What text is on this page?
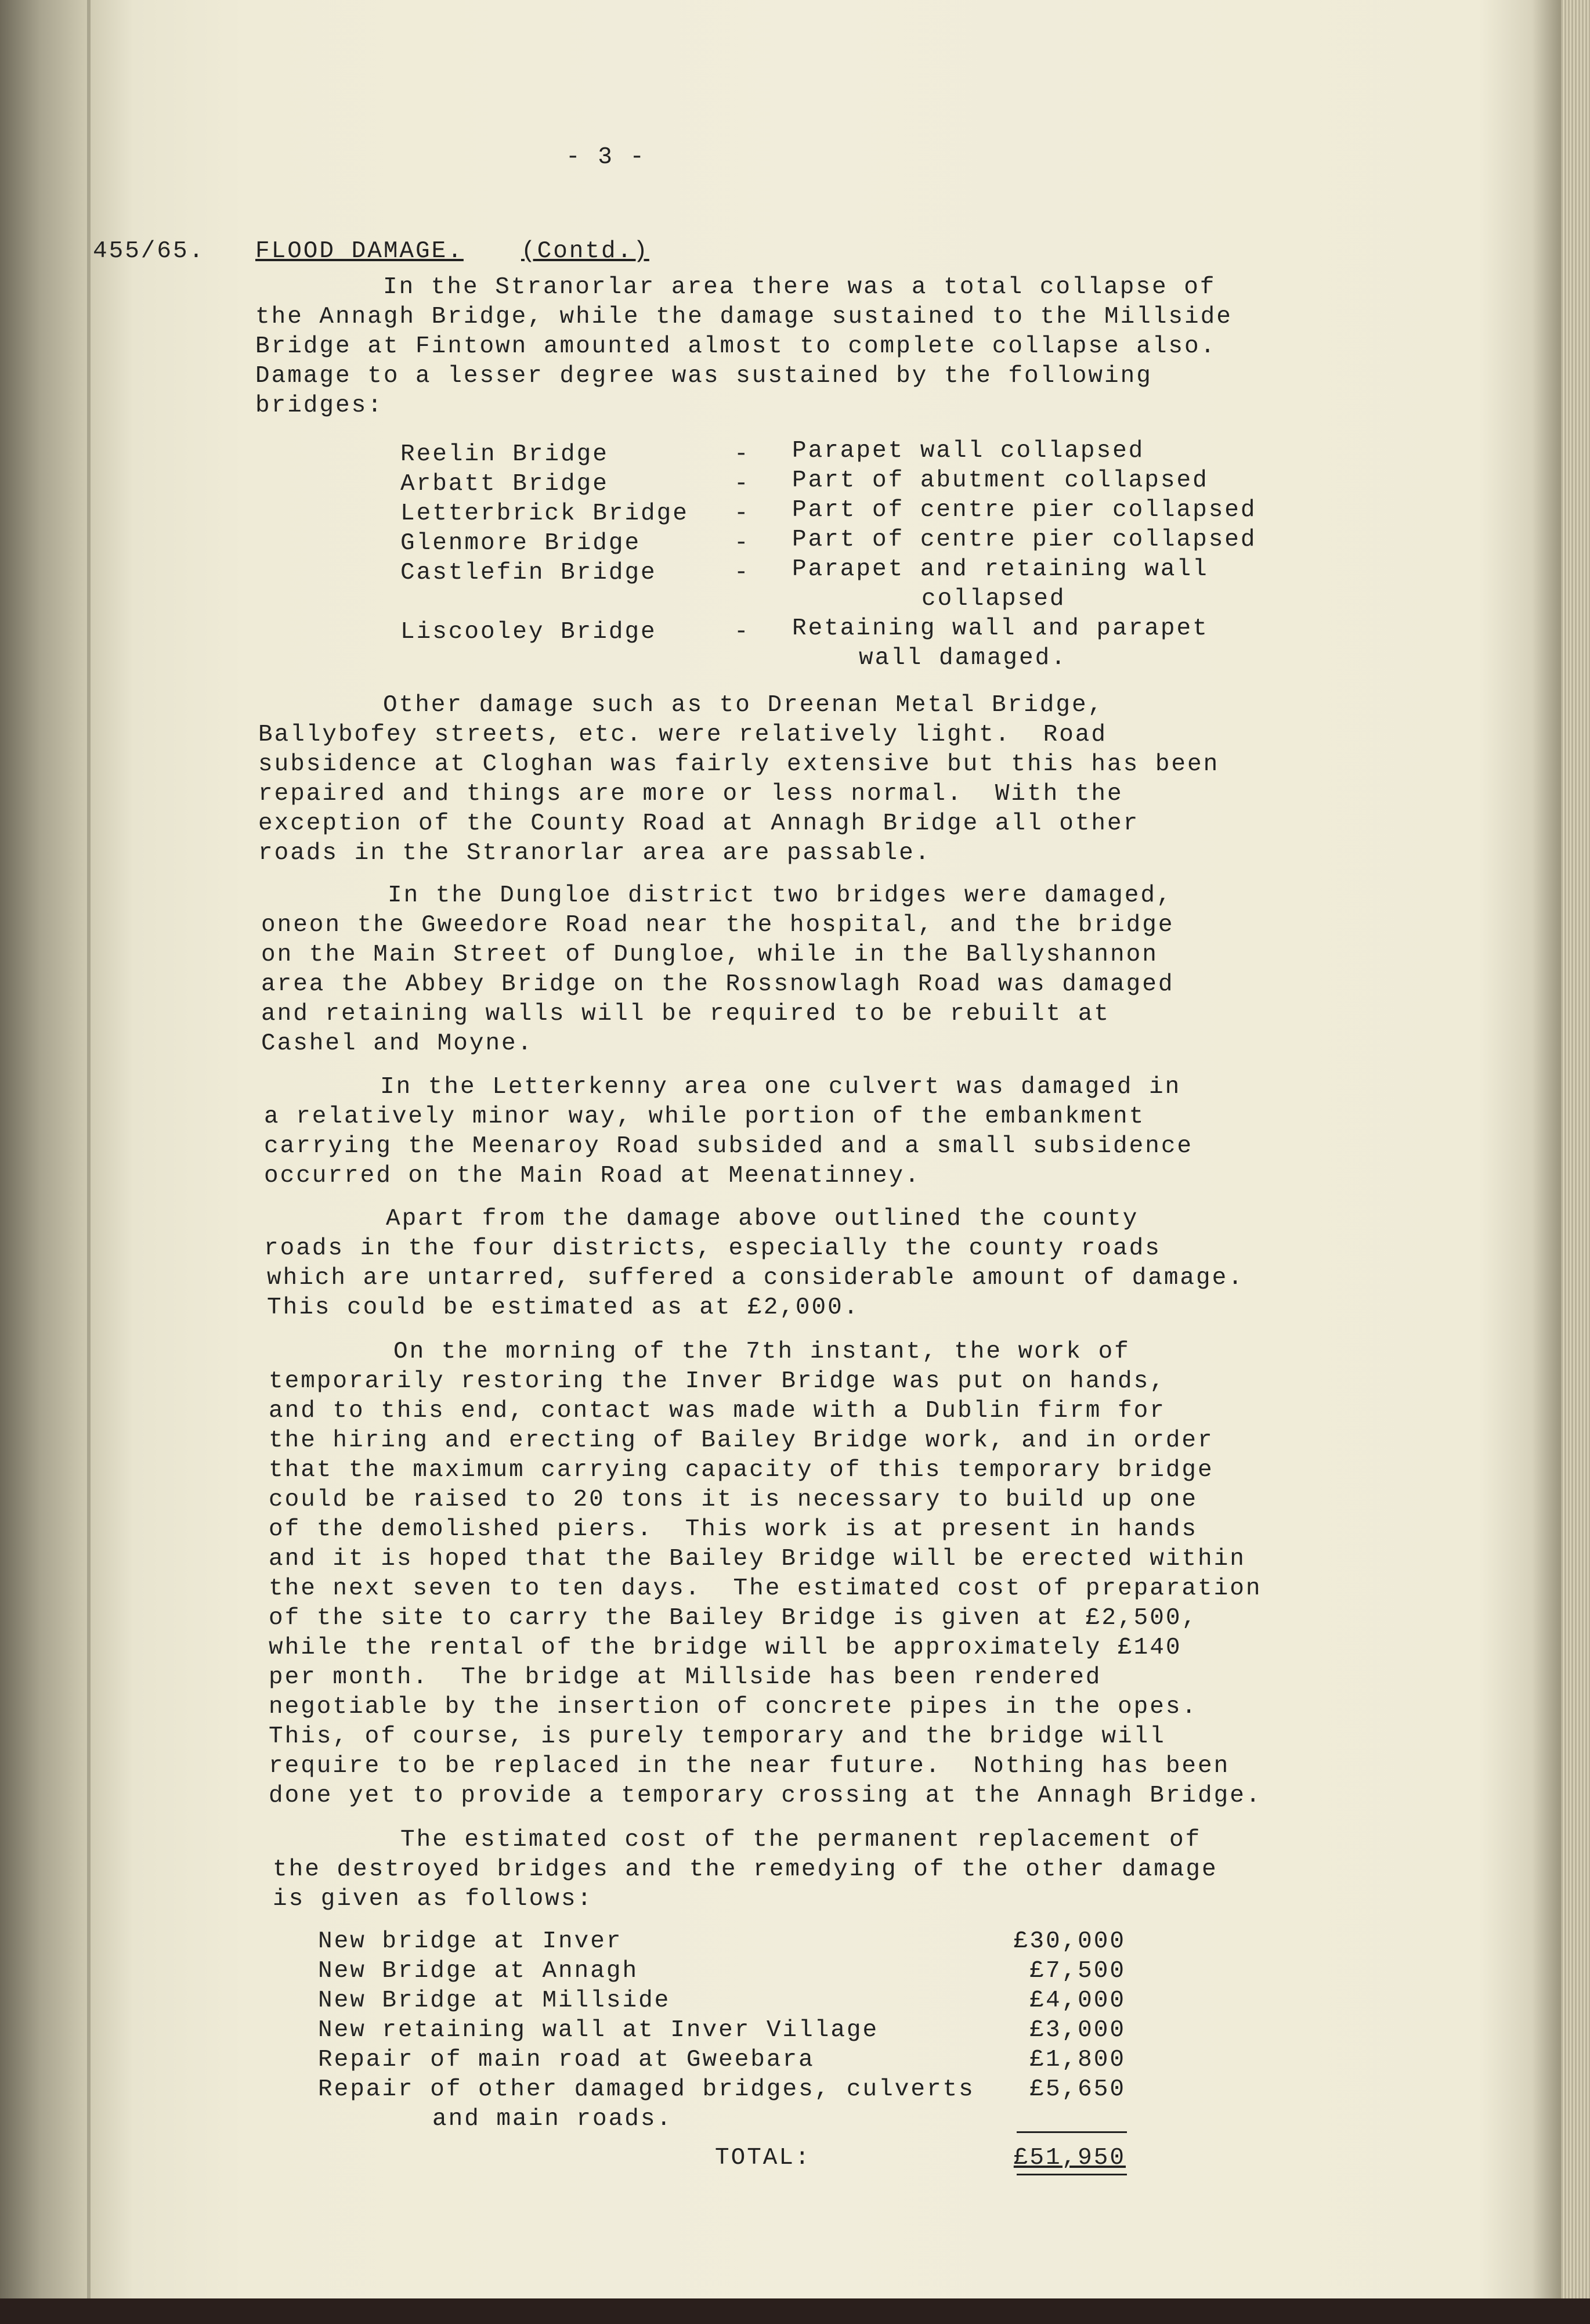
- 3 -
455/65. FLOOD DAMAGE. (Contd.)
In the Stranorlar area there was a total collapse of
the Annagh Bridge, while the damage sustained to the Millside
Bridge at Fintown amounted almost to complete collapse also.
Damage to a lesser degree was sustained by the following
bridges:
Reelin Bridge	- Parapet wall collapsed
Arbatt Bridge	- Part of abutment collapsed
Letterbrick Bridge - Part of centre pier collapsed
Glenmore Bridge	- Part of centre pier collapsed
Castlefin Bridge	- Parapet and retaining wall
collapsed
Liscooley Bridge	- Retaining wall and parapet
wall damaged.
Other damage such as to Dreenan Metal Bridge,
Ballybofey streets, etc. were relatively light.  Road
subsidence at Cloghan was fairly extensive but this has been
repaired and things are more or less normal.  With the
exception of the County Road at Annagh Bridge all other
roads in the Stranorlar area are passable.
In the Dungloe district two bridges were damaged,
oneon the Gweedore Road near the hospital, and the bridge
on the Main Street of Dungloe, while in the Ballyshannon
area the Abbey Bridge on the Rossnowlagh Road was damaged
and retaining walls will be required to be rebuilt at
Cashel and Moyne.
In the Letterkenny area one culvert was damaged in
a relatively minor way, while portion of the embankment
carrying the Meenaroy Road subsided and a small subsidence
occurred on the Main Road at Meenatinney.
Apart from the damage above outlined the county
roads in the four districts, especially the county roads
which are untarred, suffered a considerable amount of damage.
This could be estimated as at £2,000.
On the morning of the 7th instant, the work of
temporarily restoring the Inver Bridge was put on hands,
and to this end, contact was made with a Dublin firm for
the hiring and erecting of Bailey Bridge work, and in order
that the maximum carrying capacity of this temporary bridge
could be raised to 20 tons it is necessary to build up one
of the demolished piers.  This work is at present in hands
and it is hoped that the Bailey Bridge will be erected within
the next seven to ten days.  The estimated cost of preparation
of the site to carry the Bailey Bridge is given at £2,500,
while the rental of the bridge will be approximately £140
per month.  The bridge at Millside has been rendered
negotiable by the insertion of concrete pipes in the opes.
This, of course, is purely temporary and the bridge will
require to be replaced in the near future.  Nothing has been
done yet to provide a temporary crossing at the Annagh Bridge.
The estimated cost of the permanent replacement of
the destroyed bridges and the remedying of the other damage
is given as follows:
New bridge at Inver	£30,000
New Bridge at Annagh	£7,500
New Bridge at Millside	£4,000
New retaining wall at Inver Village	£3,000
Repair of main road at Gweebara	£1,800
Repair of other damaged bridges, culverts	£5,650
and main roads.
TOTAL:	£51,950
